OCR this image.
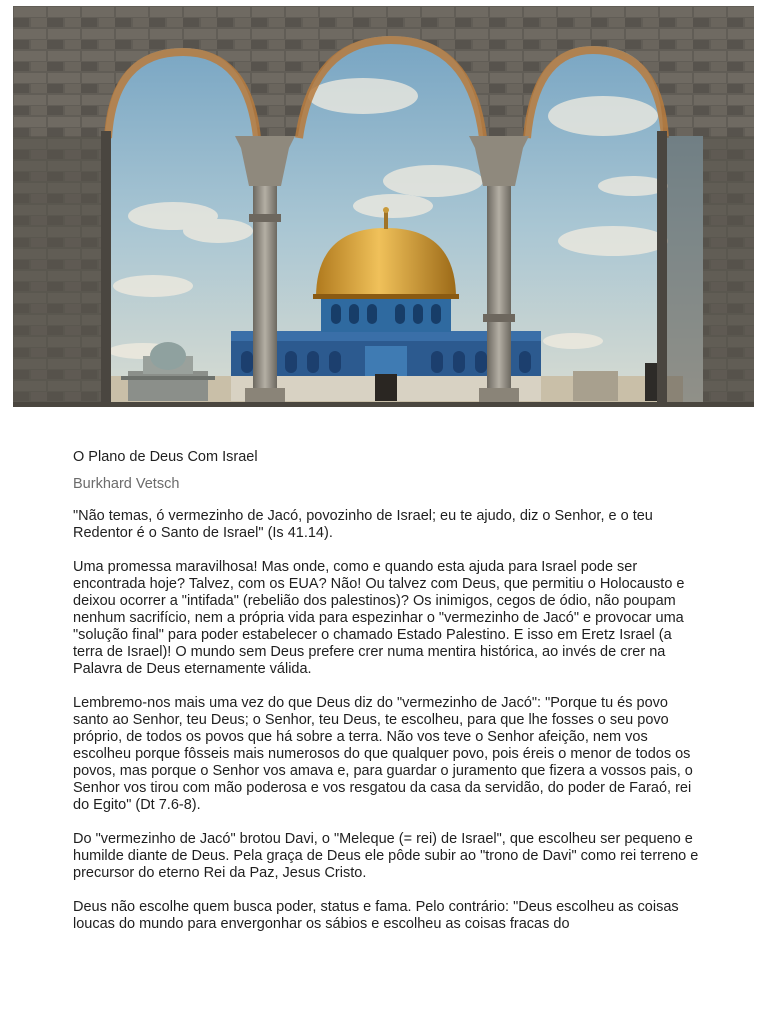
O Plano de Deus Com Israel

Burkhard Vetsch

"Não temas, ó vermezinho de Jacó, povozinho de Israel; eu te ajudo, diz o Senhor, e o teu Redentor é o Santo de Israel" (Is 41.14).

Uma promessa maravilhosa! Mas onde, como e quando esta ajuda para Israel pode ser encontrada hoje? Talvez, com os EUA? Não! Ou talvez com Deus, que permitiu o Holocausto e deixou ocorrer a "intifada" (rebelião dos palestinos)? Os inimigos, cegos de ódio, não poupam nenhum sacrifício, nem a própria vida para espezinhar o "vermezinho de Jacó" e provocar uma "solução final" para poder estabelecer o chamado Estado Palestino. E isso em Eretz Israel (a terra de Israel)! O mundo sem Deus prefere crer numa mentira histórica, ao invés de crer na Palavra de Deus eternamente válida.

Lembremo-nos mais uma vez do que Deus diz do "vermezinho de Jacó": "Porque tu és povo santo ao Senhor, teu Deus; o Senhor, teu Deus, te escolheu, para que lhe fosses o seu povo próprio, de todos os povos que há sobre a terra. Não vos teve o Senhor afeição, nem vos escolheu porque fôsseis mais numerosos do que qualquer povo, pois éreis o menor de todos os povos, mas porque o Senhor vos amava e, para guardar o juramento que fizera a vossos pais, o Senhor vos tirou com mão poderosa e vos resgatou da casa da servidão, do poder de Faraó, rei do Egito" (Dt 7.6-8).

Do "vermezinho de Jacó" brotou Davi, o "Meleque (= rei) de Israel", que escolheu ser pequeno e humilde diante de Deus. Pela graça de Deus ele pôde subir ao "trono de Davi" como rei terreno e precursor do eterno Rei da Paz, Jesus Cristo.

Deus não escolhe quem busca poder, status e fama. Pelo contrário: "Deus escolheu as coisas loucas do mundo para envergonhar os sábios e escolheu as coisas fracas do
